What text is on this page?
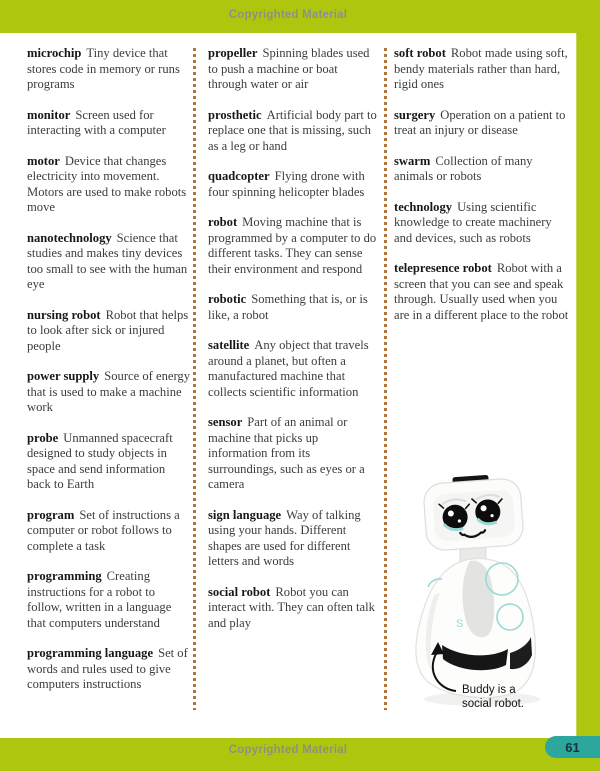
Copyrighted Material
microchip Tiny device that stores code in memory or runs programs
monitor Screen used for interacting with a computer
motor Device that changes electricity into movement. Motors are used to make robots move
nanotechnology Science that studies and makes tiny devices too small to see with the human eye
nursing robot Robot that helps to look after sick or injured people
power supply Source of energy that is used to make a machine work
probe Unmanned spacecraft designed to study objects in space and send information back to Earth
program Set of instructions a computer or robot follows to complete a task
programming Creating instructions for a robot to follow, written in a language that computers understand
programming language Set of words and rules used to give computers instructions
propeller Spinning blades used to push a machine or boat through water or air
prosthetic Artificial body part to replace one that is missing, such as a leg or hand
quadcopter Flying drone with four spinning helicopter blades
robot Moving machine that is programmed by a computer to do different tasks. They can sense their environment and respond
robotic Something that is, or is like, a robot
satellite Any object that travels around a planet, but often a manufactured machine that collects scientific information
sensor Part of an animal or machine that picks up information from its surroundings, such as eyes or a camera
sign language Way of talking using your hands. Different shapes are used for different letters and words
social robot Robot you can interact with. They can often talk and play
soft robot Robot made using soft, bendy materials rather than hard, rigid ones
surgery Operation on a patient to treat an injury or disease
swarm Collection of many animals or robots
technology Using scientific knowledge to create machinery and devices, such as robots
telepresence robot Robot with a screen that you can see and speak through. Usually used when you are in a different place to the robot
S
Buddy is a
social robot.
Copyrighted Material	61
